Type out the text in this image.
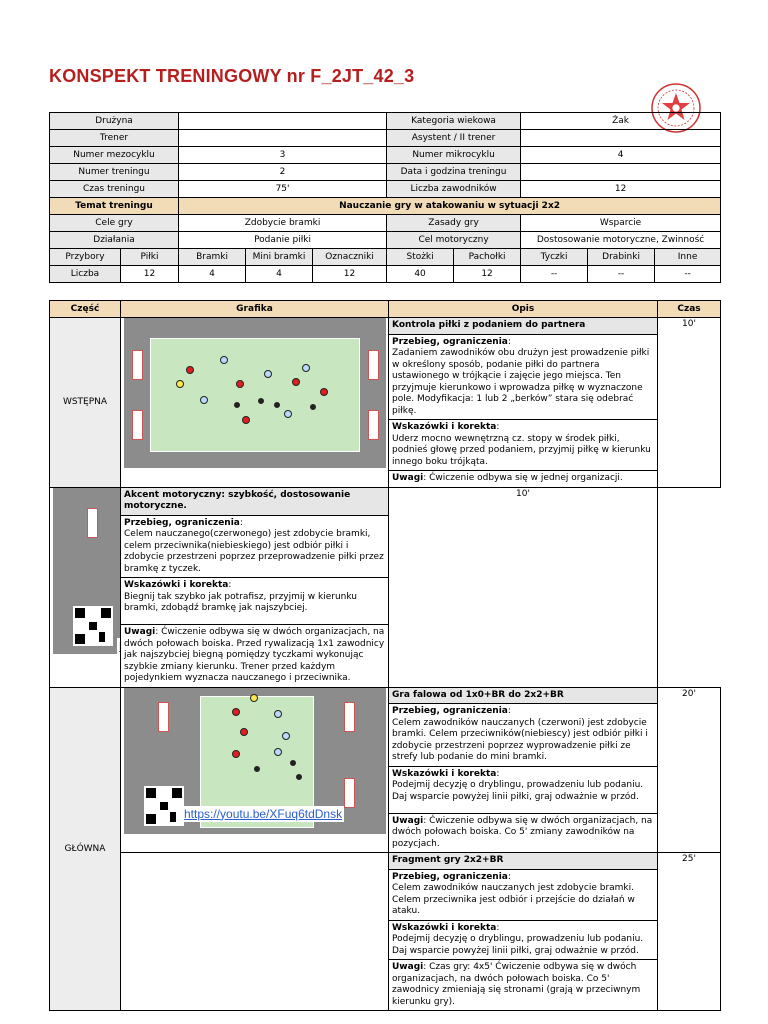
KONSPEKT TRENINGOWY nr F_2JT_42_3
Drużyna					Kategoria wiekowa		Żak		
Trener					Asystent / II trener				
Numer mezocyklu		3			Numer mikrocyklu		4		
Numer treningu		2			Data i godzina treningu				
Czas treningu		75'			Liczba zawodników		12		
Temat treningu		Nauczanie gry w atakowaniu w sytuacji 2x2							
Cele gry		Zdobycie bramki			Zasady gry		Wsparcie		
Działania		Podanie piłki			Cel motoryczny		Dostosowanie motoryczne, Zwinność		
Przybory	Piłki	Bramki	Mini bramki	Oznaczniki	Stożki	Pachołki	Tyczki	Drabinki	Inne
Liczba	12	4	4	12	40	12	--	--	--
Część	Grafika	Opis	Czas
WSTĘPNA		Kontrola piłki z podaniem do partnera	10'
		Przebieg, ograniczenia:
Zadaniem zawodników obu drużyn jest prowadzenie piłki w określony sposób, podanie piłki do partnera ustawionego w trójkącie i zajęcie jego miejsca. Ten przyjmuje kierunkowo i wprowadza piłkę w wyznaczone pole. Modyfikacja: 1 lub 2 „berków” stara się odebrać piłkę.	
		Wskazówki i korekta:
Uderz mocno wewnętrzną cz. stopy w środek piłki, podnieś głowę przed podaniem, przyjmij piłkę w kierunku innego boku trójkąta.	
		Uwagi: Ćwiczenie odbywa się w jednej organizacji.	

	Akcent motoryczny: szybkość, dostosowanie motoryczne.	10'	
	Przebieg, ograniczenia:
Celem nauczanego(czerwonego) jest zdobycie bramki, celem przeciwnika(niebieskiego) jest odbiór piłki i zdobycie przestrzeni poprzez przeprowadzenie piłki przez bramkę z tyczek.		
	Wskazówki i korekta:
Biegnij tak szybko jak potrafisz, przyjmij w kierunku bramki, zdobądź bramkę jak najszybciej.		
	Uwagi: Ćwiczenie odbywa się w dwóch organizacjach, na dwóch połowach boiska. Przed rywalizacją 1x1 zawodnicy jak najszybciej biegną pomiędzy tyczkami wykonując szybkie zmiany kierunku. Trener przed każdym pojedynkiem wyznacza nauczanego i przeciwnika.		
GŁÓWNA	https://youtu.be/XFuq6tdDnsk	Gra falowa od 1x0+BR do 2x2+BR	20'
		Przebieg, ograniczenia:
Celem zawodników nauczanych (czerwoni) jest zdobycie bramki. Celem przeciwników(niebiescy) jest odbiór piłki i zdobycie przestrzeni poprzez wyprowadzenie piłki ze strefy lub podanie do mini bramki.	
		Wskazówki i korekta:
Podejmij decyzję o dryblingu, prowadzeniu lub podaniu. Daj wsparcie powyżej linii piłki, graj odważnie w przód.	
		Uwagi: Ćwiczenie odbywa się w dwóch organizacjach, na dwóch połowach boiska. Co 5' zmiany zawodników na pozycjach.	
		Fragment gry 2x2+BR	25'
		Przebieg, ograniczenia:
Celem zawodników nauczanych jest zdobycie bramki. Celem przeciwnika jest odbiór i przejście do działań w ataku.	
		Wskazówki i korekta:
Podejmij decyzję o dryblingu, prowadzeniu lub podaniu. Daj wsparcie powyżej linii piłki, graj odważnie w przód.	
		Uwagi: Czas gry: 4x5' Ćwiczenie odbywa się w dwóch organizacjach, na dwóch połowach boiska. Co 5' zawodnicy zmieniają się stronami (grają w przeciwnym kierunku gry).	
